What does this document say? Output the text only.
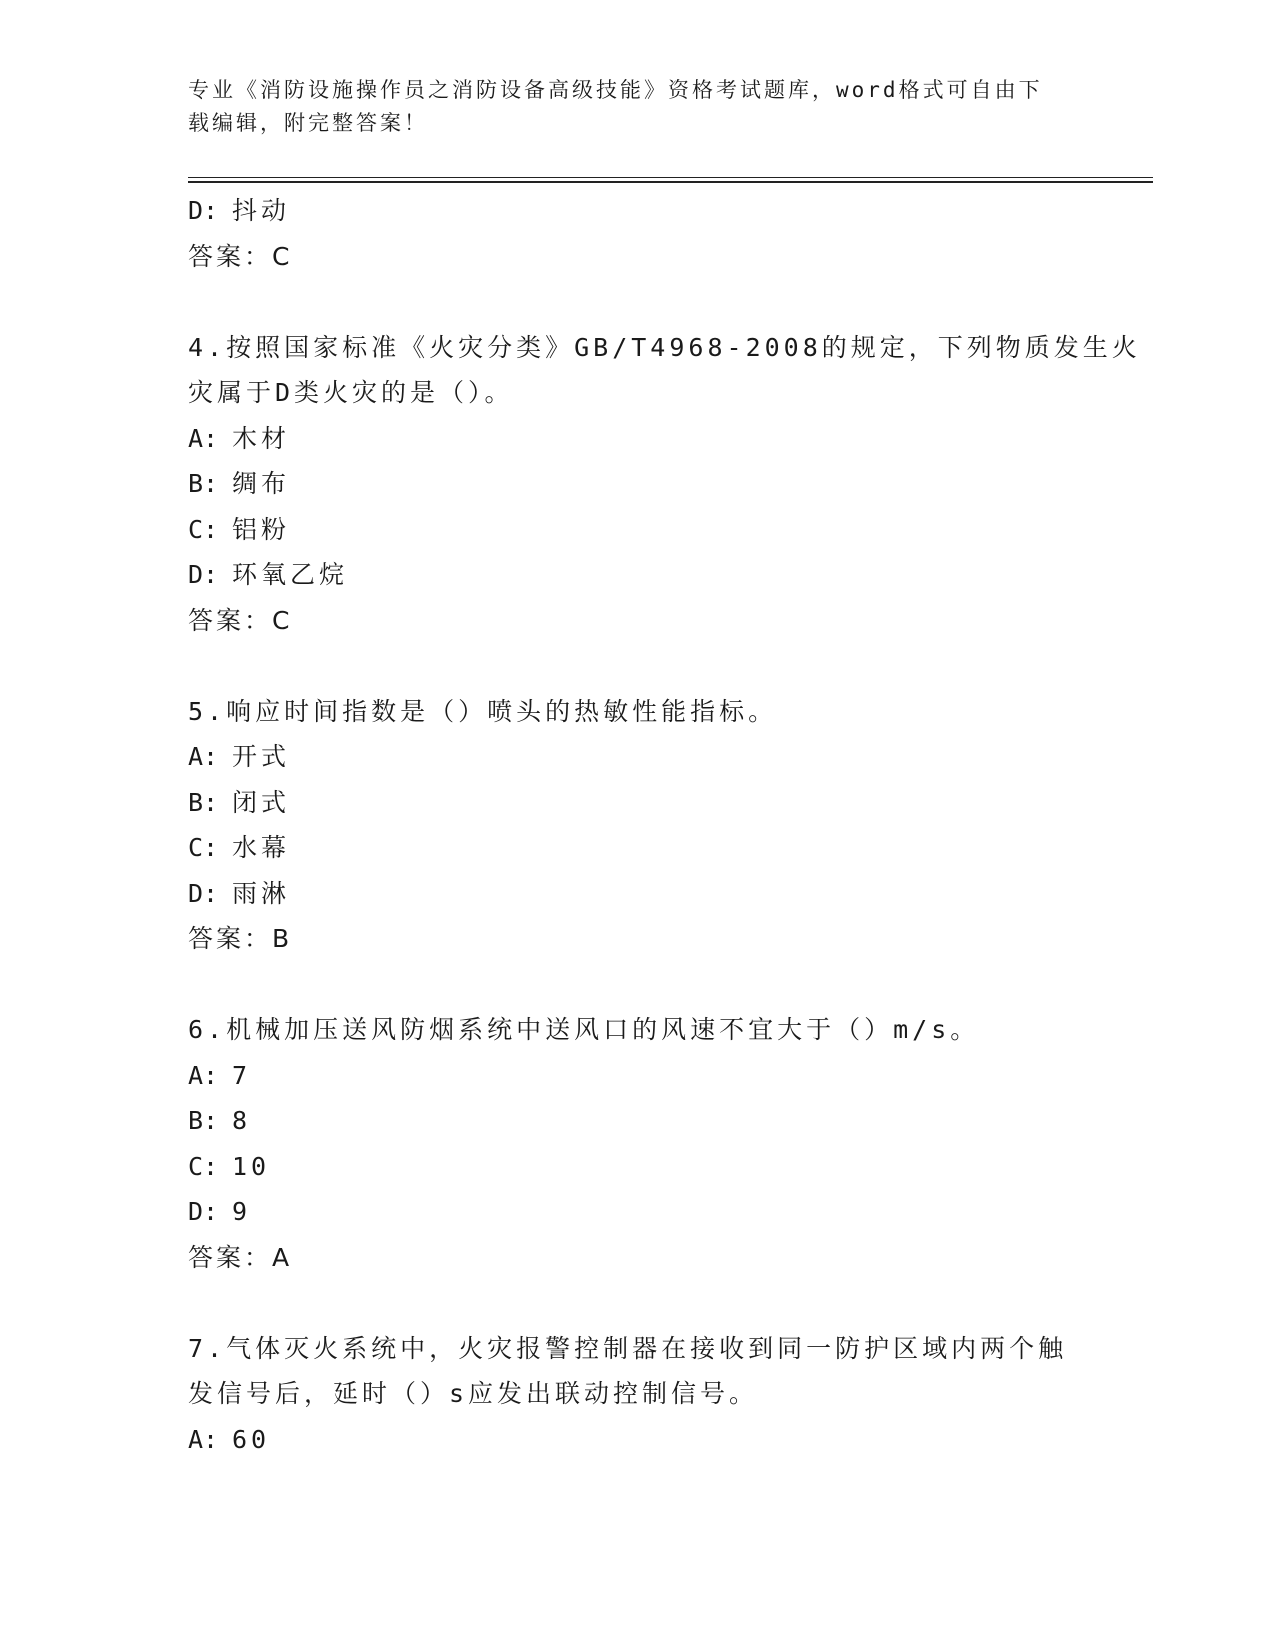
专业《消防设施操作员之消防设备高级技能》资格考试题库，word格式可自由下
载编辑，附完整答案！
D: 抖动
答案：C
4.按照国家标准《火灾分类》GB/T4968-2008的规定，下列物质发生火
灾属于D类火灾的是（）。
A: 木材
B: 绸布
C: 铝粉
D: 环氧乙烷
答案：C
5.响应时间指数是（）喷头的热敏性能指标。
A: 开式
B: 闭式
C: 水幕
D: 雨淋
答案：B
6.机械加压送风防烟系统中送风口的风速不宜大于（）m/s。
A: 7
B: 8
C: 10
D: 9
答案：A
7.气体灭火系统中，火灾报警控制器在接收到同一防护区域内两个触
发信号后，延时（）s应发出联动控制信号。
A: 60
